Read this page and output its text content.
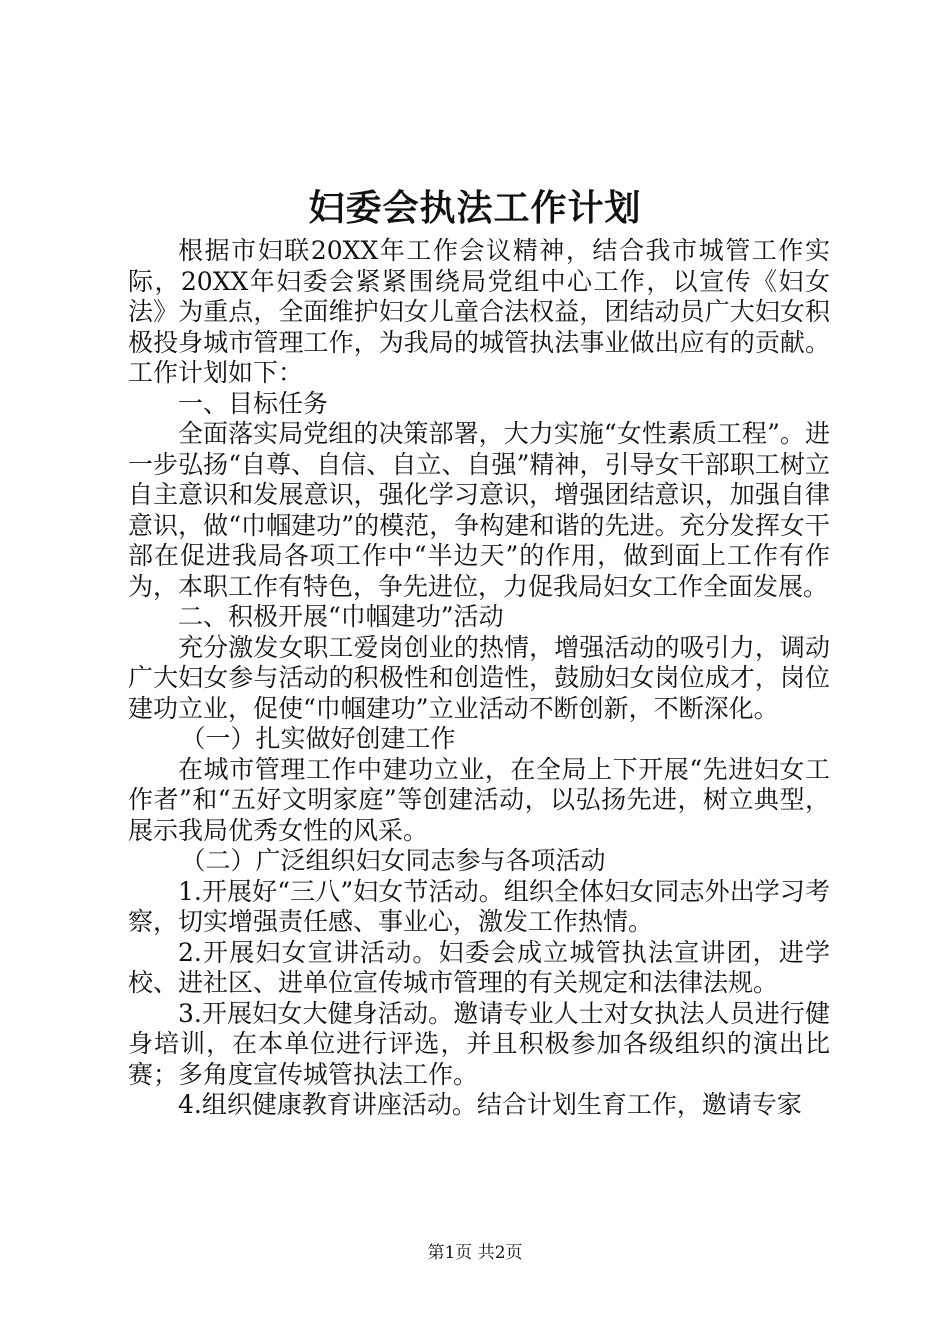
妇委会执法工作计划

根据市妇联20XX年工作会议精神，结合我市城管工作实际，20XX年妇委会紧紧围绕局党组中心工作，以宣传《妇女法》为重点，全面维护妇女儿童合法权益，团结动员广大妇女积极投身城市管理工作，为我局的城管执法事业做出应有的贡献。工作计划如下：

一、目标任务

全面落实局党组的决策部署，大力实施“女性素质工程”。进一步弘扬“自尊、自信、自立、自强”精神，引导女干部职工树立自主意识和发展意识，强化学习意识，增强团结意识，加强自律意识，做“巾帼建功”的模范，争构建和谐的先进。充分发挥女干部在促进我局各项工作中“半边天”的作用，做到面上工作有作为，本职工作有特色，争先进位，力促我局妇女工作全面发展。

二、积极开展“巾帼建功”活动

充分激发女职工爱岗创业的热情，增强活动的吸引力，调动广大妇女参与活动的积极性和创造性，鼓励妇女岗位成才，岗位建功立业，促使“巾帼建功”立业活动不断创新，不断深化。

（一）扎实做好创建工作

在城市管理工作中建功立业，在全局上下开展“先进妇女工作者”和“五好文明家庭”等创建活动，以弘扬先进，树立典型，展示我局优秀女性的风采。

（二）广泛组织妇女同志参与各项活动

1.开展好“三八”妇女节活动。组织全体妇女同志外出学习考察，切实增强责任感、事业心，激发工作热情。

2.开展妇女宣讲活动。妇委会成立城管执法宣讲团，进学校、进社区、进单位宣传城市管理的有关规定和法律法规。

3.开展妇女大健身活动。邀请专业人士对女执法人员进行健身培训，在本单位进行评选，并且积极参加各级组织的演出比赛；多角度宣传城管执法工作。

4.组织健康教育讲座活动。结合计划生育工作，邀请专家

第1页 共2页
